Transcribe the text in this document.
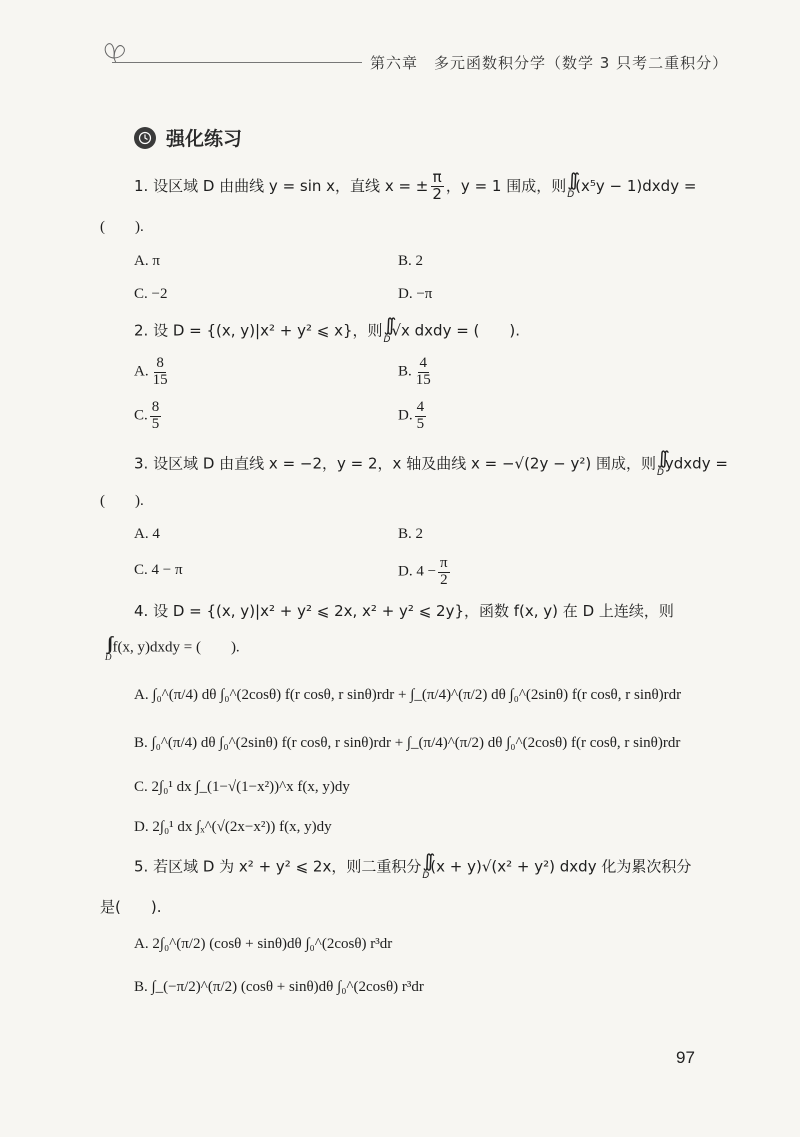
第六章　多元函数积分学（数学 3 只考二重积分）
强化练习
1. 设区域 D 由曲线 y = sin x，直线 x = ± $\frac{\pi}{2}$ ，y = 1 围成，则 ∫∫
D
(x⁵y − 1)dxdy =
(　　).
A. π	B. 2
C. −2	D. −π
2. 设 D = {(x, y)|x² + y² ⩽ x}，则 ∫∫
D
√x dxdy = (　　).
A. $\frac{8}{15}$	B. $\frac{4}{15}$
C. $\frac{8}{5}$	D. $\frac{4}{5}$
3. 设区域 D 由直线 x = −2，y = 2，x 轴及曲线 x = −√(2y − y²) 围成，则 ∫∫
D
ydxdy =
(　　).
A. 4	B. 2
C. 4 − π	D. $4 - \frac{\pi}{2}$
4. 设 D = {(x, y)|x² + y² ⩽ 2x, x² + y² ⩽ 2y}，函数 f(x, y) 在 D 上连续，则
D
f(x, y)dxdy = (　　).
A. ∫₀^(π/4) dθ ∫₀^(2cosθ) f(r cosθ, r sinθ)rdr + ∫_(π/4)^(π/2) dθ ∫₀^(2sinθ) f(r cosθ, r sinθ)rdr
B. ∫₀^(π/4) dθ ∫₀^(2sinθ) f(r cosθ, r sinθ)rdr + ∫_(π/4)^(π/2) dθ ∫₀^(2cosθ) f(r cosθ, r sinθ)rdr
C. 2∫₀¹ dx ∫_(1−√(1−x²))^x f(x, y)dy
D. 2∫₀¹ dx ∫ₓ^(√(2x−x²)) f(x, y)dy
5. 若区域 D 为 x² + y² ⩽ 2x，则二重积分 ∫∫
D
(x + y)√(x² + y²) dxdy 化为累次积分
是(　　).
A. 2∫₀^(π/2) (cosθ + sinθ)dθ ∫₀^(2cosθ) r³dr
B. ∫_(−π/2)^(π/2) (cosθ + sinθ)dθ ∫₀^(2cosθ) r³dr
97
